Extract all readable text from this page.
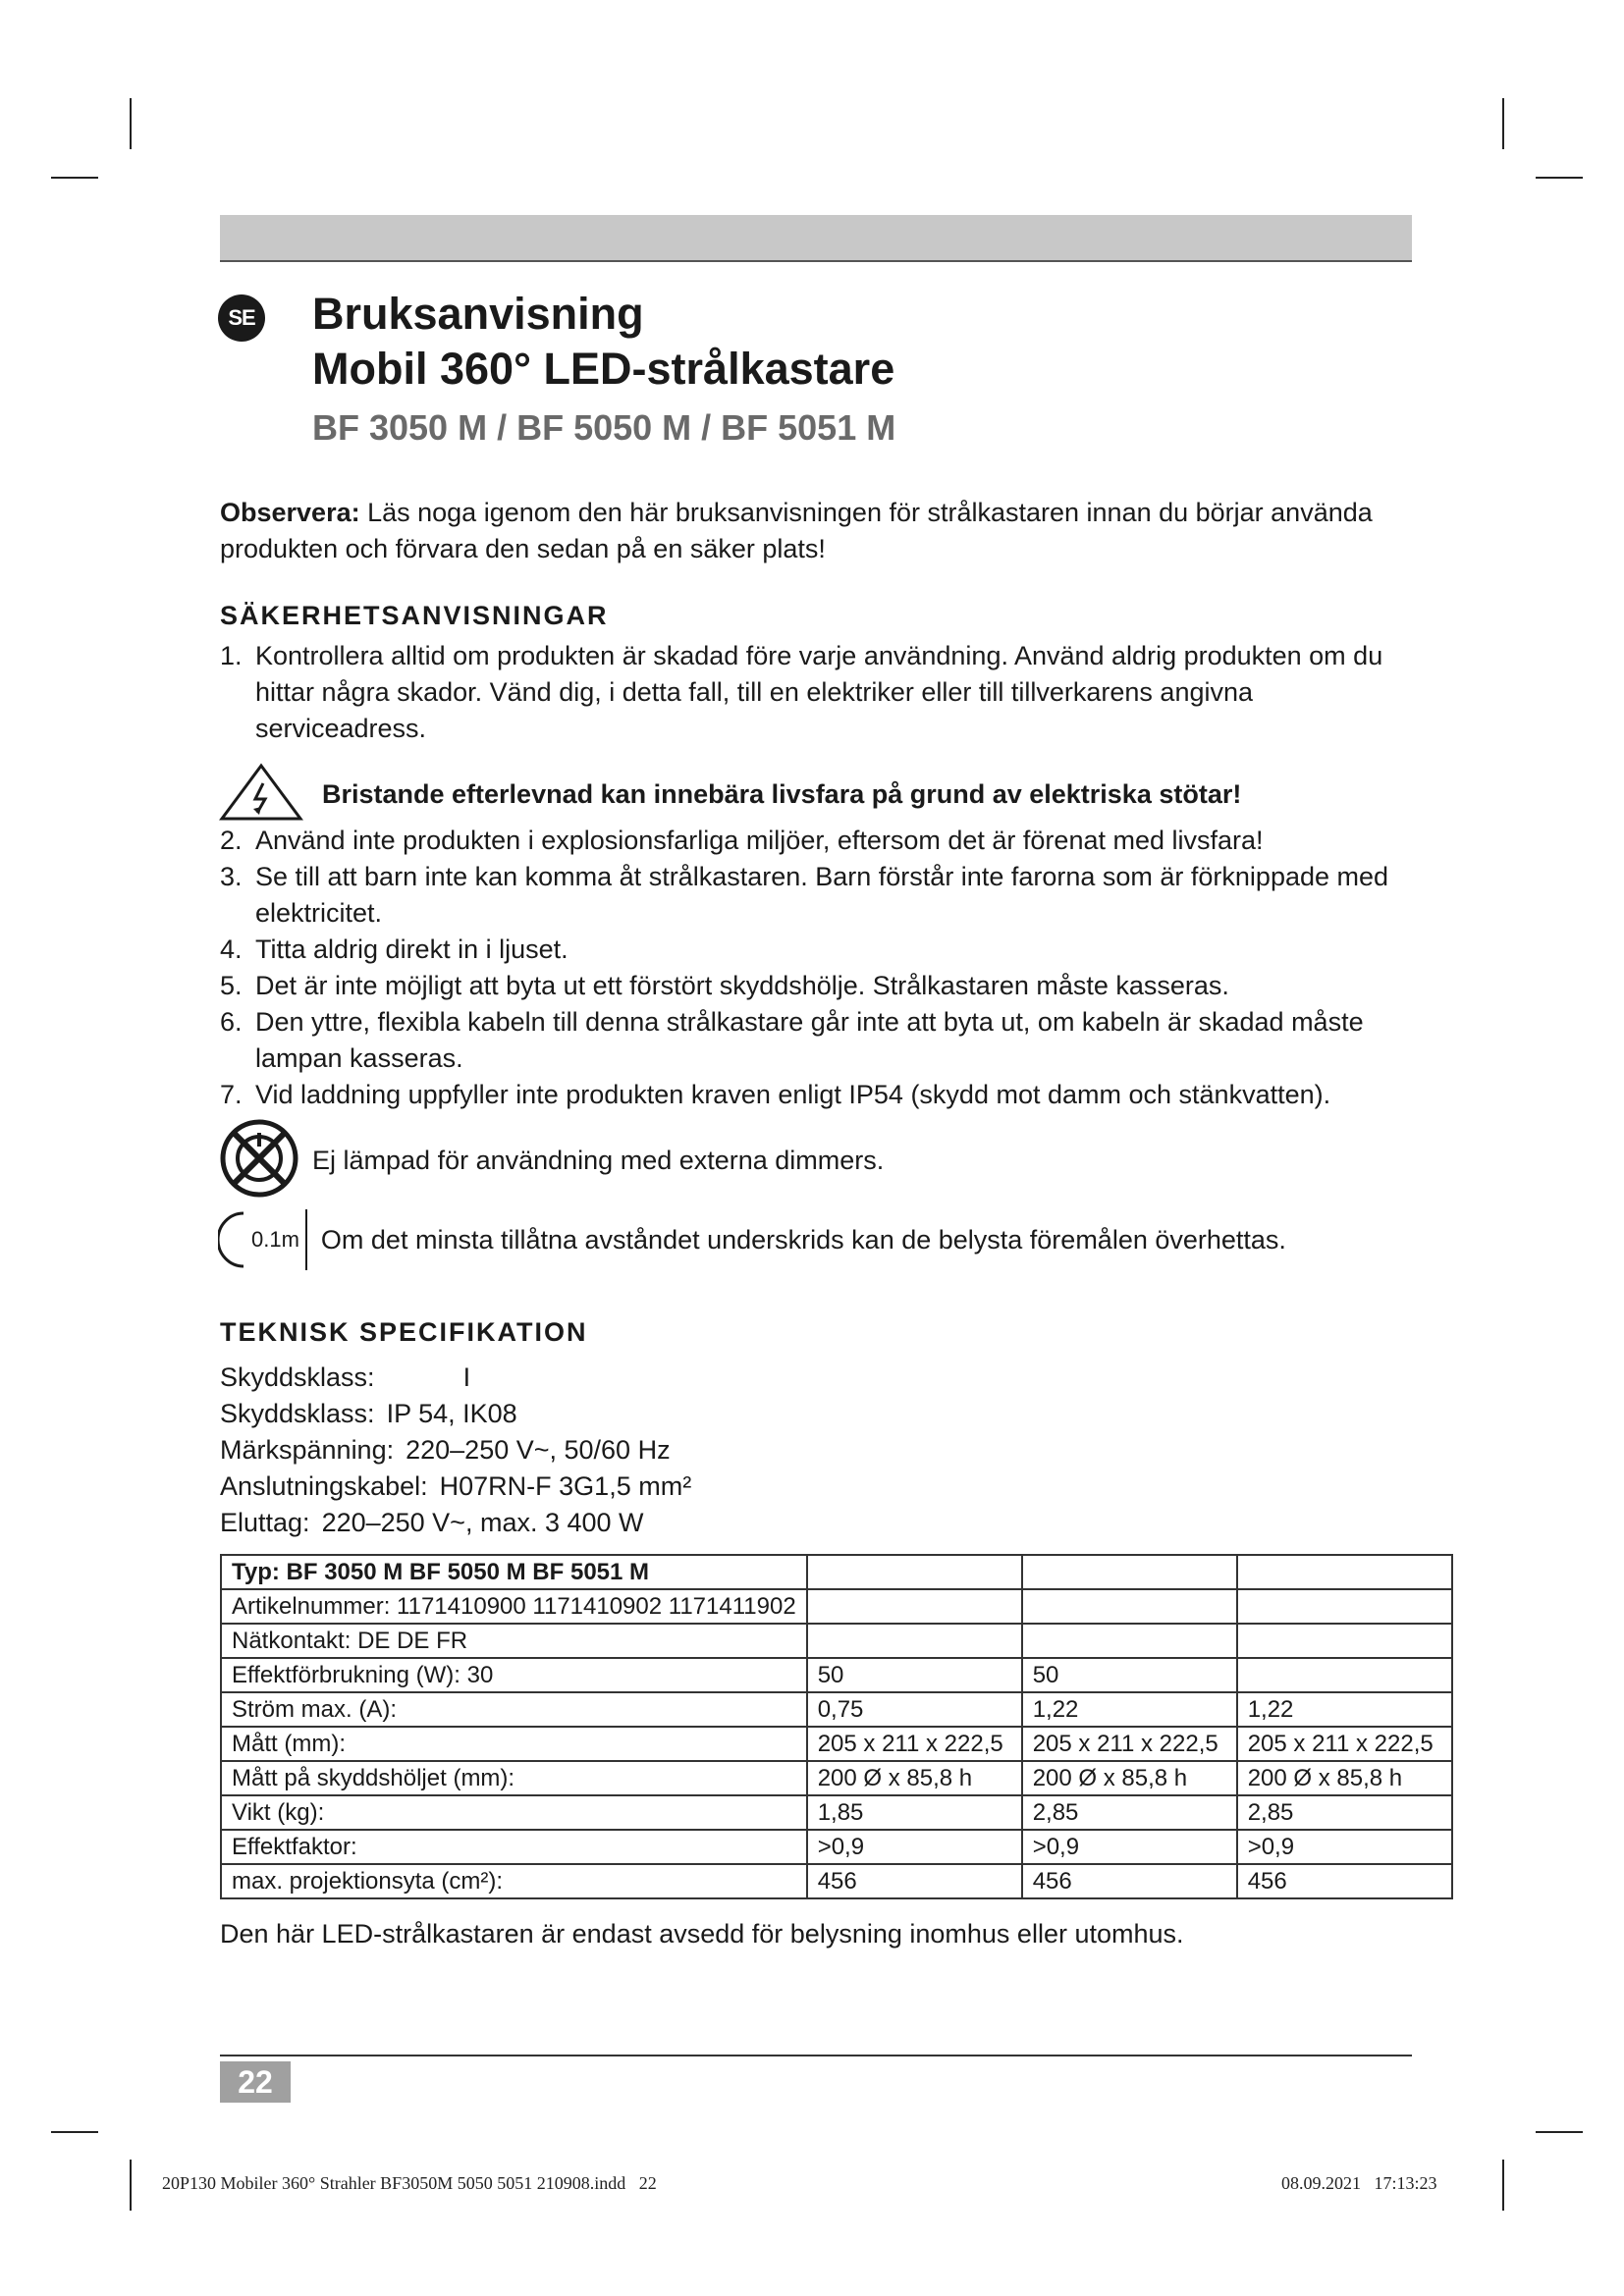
SE Bruksanvisning
Mobil 360° LED-strålkastare
BF 3050 M / BF 5050 M / BF 5051 M
Observera: Läs noga igenom den här bruksanvisningen för strålkastaren innan du börjar använda produkten och förvara den sedan på en säker plats!
SÄKERHETSANVISNINGAR
1. Kontrollera alltid om produkten är skadad före varje användning. Använd aldrig produkten om du hittar några skador. Vänd dig, i detta fall, till en elektriker eller till tillverkarens angivna serviceadress.
Bristande efterlevnad kan innebära livsfara på grund av elektriska stötar!
2. Använd inte produkten i explosionsfarliga miljöer, eftersom det är förenat med livsfara!
3. Se till att barn inte kan komma åt strålkastaren. Barn förstår inte farorna som är förknippade med elektricitet.
4. Titta aldrig direkt in i ljuset.
5. Det är inte möjligt att byta ut ett förstört skyddshölje. Strålkastaren måste kasseras.
6. Den yttre, flexibla kabeln till denna strålkastare går inte att byta ut, om kabeln är skadad måste lampan kasseras.
7. Vid laddning uppfyller inte produkten kraven enligt IP54 (skydd mot damm och stänkvatten).
Ej lämpad för användning med externa dimmers.
0.1m Om det minsta tillåtna avståndet underskrids kan de belysta föremålen överhettas.
TEKNISK SPECIFIKATION
Skyddsklass:	I
Skyddsklass: IP 54, IK08
Märkspänning: 220–250 V~, 50/60 Hz
Anslutningskabel: H07RN-F 3G1,5 mm²
Eluttag: 220–250 V~, max. 3 400 W
Typ: BF 3050 M BF 5050 M BF 5051 M			
Artikelnummer: 1171410900 1171410902 1171411902			
Nätkontakt: DE DE FR			
Effektförbrukning (W): 30	50	50	
Ström max. (A):	0,75	1,22	1,22
Mått (mm):	205 x 211 x 222,5	205 x 211 x 222,5	205 x 211 x 222,5
Mått på skyddshöljet (mm):	200 Ø x 85,8 h	200 Ø x 85,8 h	200 Ø x 85,8 h
Vikt (kg):	1,85	2,85	2,85
Effektfaktor:	>0,9	>0,9	>0,9
max. projektionsyta (cm²):	456	456	456
Den här LED-strålkastaren är endast avsedd för belysning inomhus eller utomhus.
22
20P130 Mobiler 360° Strahler BF3050M 5050 5051 210908.indd   22	08.09.2021   17:13:23
